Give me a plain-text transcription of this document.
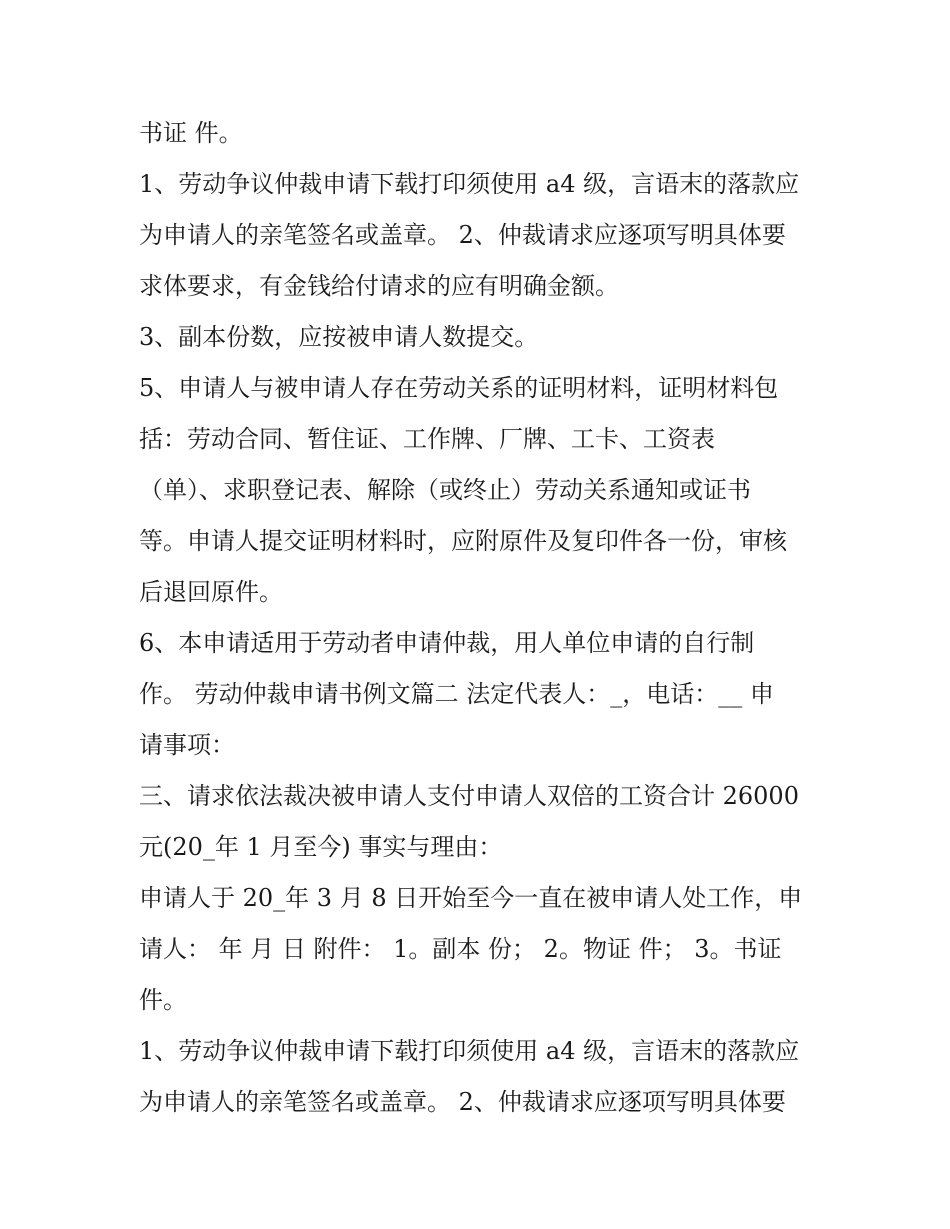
书证 件。

1、劳动争议仲裁申请下载打印须使用 a4 级，言语末的落款应

为申请人的亲笔签名或盖章。 2、仲裁请求应逐项写明具体要

求体要求，有金钱给付请求的应有明确金额。

3、副本份数，应按被申请人数提交。

5、申请人与被申请人存在劳动关系的证明材料，证明材料包

括：劳动合同、暂住证、工作牌、厂牌、工卡、工资表

（单）、求职登记表、解除（或终止）劳动关系通知或证书

等。申请人提交证明材料时，应附原件及复印件各一份，审核

后退回原件。

6、本申请适用于劳动者申请仲裁，用人单位申请的自行制

作。 劳动仲裁申请书例文篇二 法定代表人：_，电话：__ 申

请事项：

三、请求依法裁决被申请人支付申请人双倍的工资合计 26000

元(20_年 1 月至今) 事实与理由：

申请人于 20_年 3 月 8 日开始至今一直在被申请人处工作，申

请人： 年 月 日 附件： 1。副本 份； 2。物证 件； 3。书证

件。

1、劳动争议仲裁申请下载打印须使用 a4 级，言语末的落款应

为申请人的亲笔签名或盖章。 2、仲裁请求应逐项写明具体要
